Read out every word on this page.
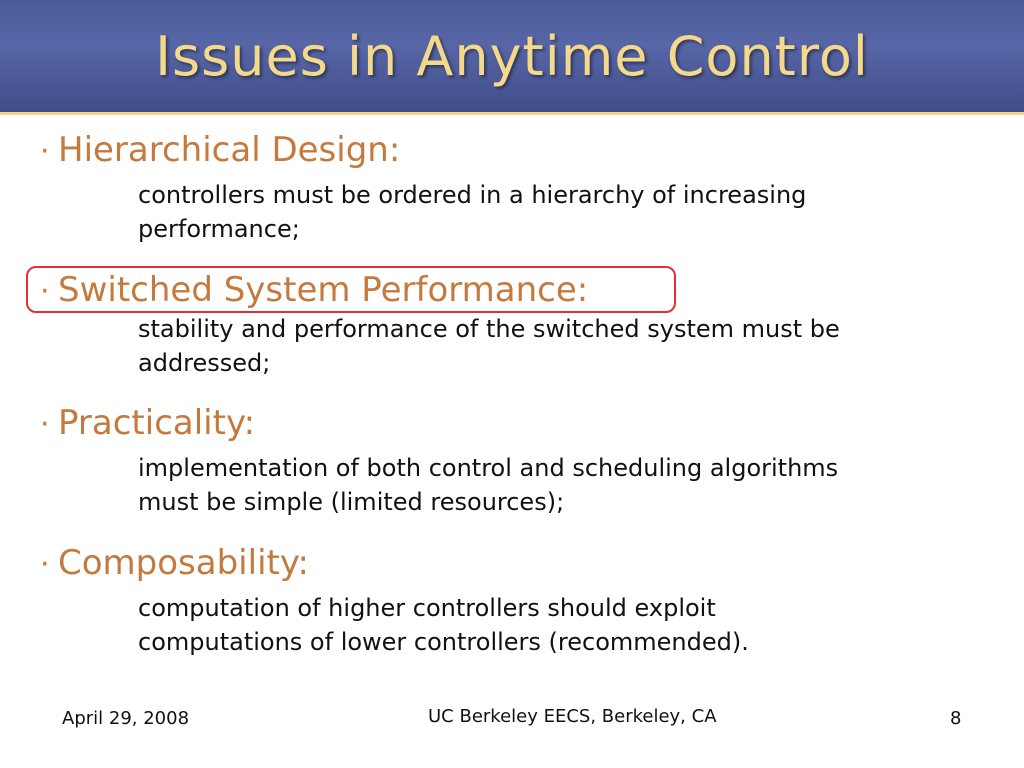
Issues in Anytime Control
· Hierarchical Design:
controllers must be ordered in a hierarchy of increasing
performance;
· Switched System Performance:
stability and performance of the switched system must be
addressed;
· Practicality:
implementation of both control and scheduling algorithms
must be simple (limited resources);
· Composability:
computation of higher controllers should exploit
computations of lower controllers (recommended).
April 29, 2008	UC Berkeley EECS, Berkeley, CA	8
